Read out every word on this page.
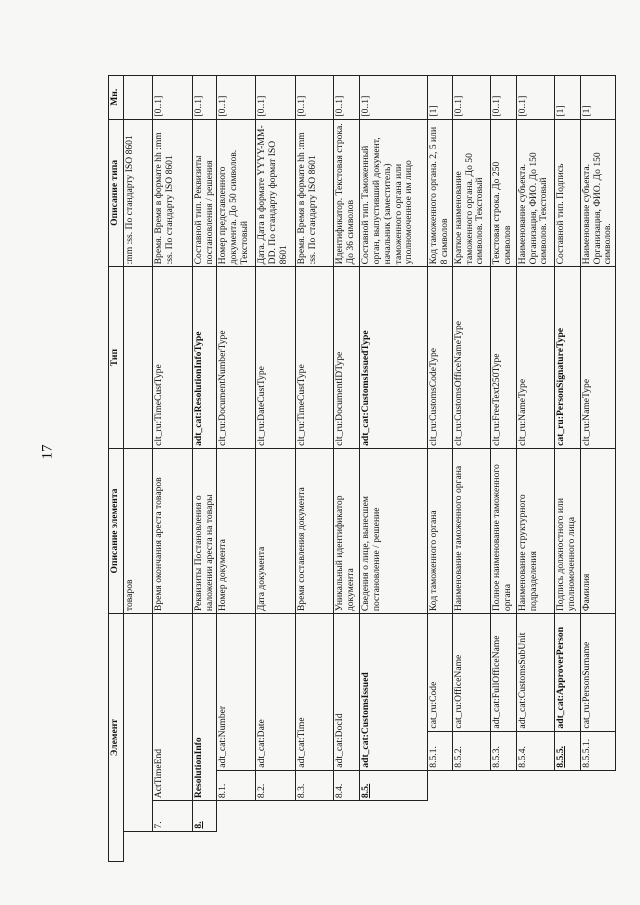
17
Элемент					Описание элемента	Тип	Описание типа	Мн.
					товаров		:mm :ss. По стандарту ISO 8601	
	7.	ActTimeEnd			Время окончания ареста товаров	clt_ru:TimeCustType	Время. Время в формате hh :mm :ss. По стандарту ISO 8601	[0..1]
	8.	ResolutionInfo			Реквизиты Постановления о наложении ареста на товары	adt_cat:ResolutionInfoType	Составной тип. Реквизиты постановления / решения	[0..1]
		8.1.	adt_cat:Number		Номер документа	clt_ru:DocumentNumberType	Номер представленного документа. До 50 символов. Текстовый	[0..1]
		8.2.	adt_cat:Date		Дата документа	clt_ru:DateCustType	Дата. Дата в формате YYYY-MM-DD. По стандарту формат ISO 8601	[0..1]
		8.3.	adt_cat:Time		Время составления документа	clt_ru:TimeCustType	Время. Время в формате hh :mm :ss. По стандарту ISO 8601	[0..1]
		8.4.	adt_cat:DocId		Уникальный идентификатор документа	clt_ru:DocumentIDType	Идентификатор. Текстовая строка. До 36 символов	[0..1]
		8.5.	adt_cat:CustomsIssued		Сведения о лице, вынесшем постановление / решение	adt_cat:CustomsIssuedType	Составной тип. Таможенный орган, выпустивший документ, начальник (заместитель) таможенного органа или уполномоченное им лицо	[0..1]
			8.5.1.	cat_ru:Code	Код таможенного органа	clt_ru:CustomsCodeType	Код таможенного органа. 2, 5 или 8 символов	[1]
			8.5.2.	cat_ru:OfficeName	Наименование таможенного органа	clt_ru:CustomsOfficeNameType	Краткое наименование таможенного органа. До 50 символов. Текстовый	[0..1]
			8.5.3.	adt_cat:FullOfficeName	Полное наименование таможенного органа	clt_ru:FreeText250Type	Текстовая строка. До 250 символов	[0..1]
			8.5.4.	adt_cat:CustomsSubUnit	Наименование структурного подразделения	clt_ru:NameType	Наименование субъекта. Организация, ФИО. До 150 символов. Текстовый	[0..1]
			8.5.5.	adt_cat:ApproverPerson	Подпись должностного или уполномоченного лица	cat_ru:PersonSignatureType	Составной тип. Подпись	[1]
			8.5.5.1.	cat_ru:PersonSurname	Фамилия	clt_ru:NameType	Наименование субъекта. Организация, ФИО. До 150 символов.	[1]
